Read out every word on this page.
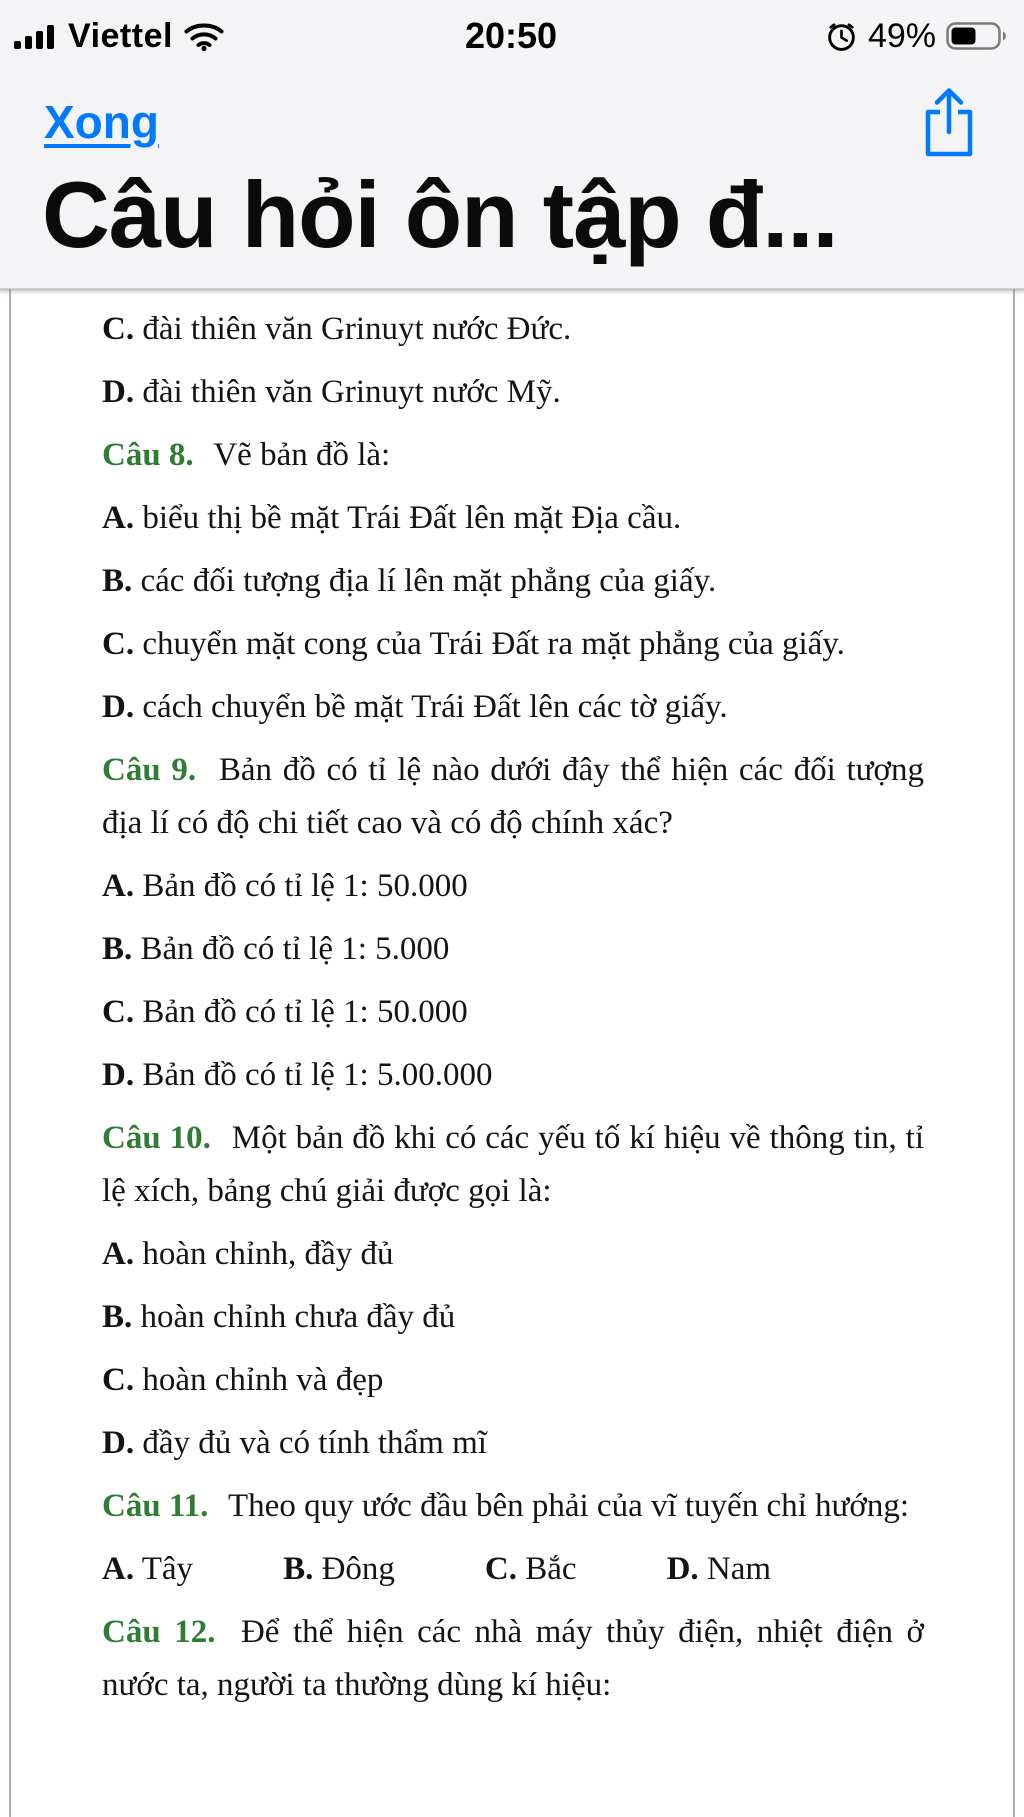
Viettel	20:50	49%
Xong
Câu hỏi ôn tập đ...

C. đài thiên văn Grinuyt nước Đức.

D. đài thiên văn Grinuyt nước Mỹ.

Câu 8. Vẽ bản đồ là:

A. biểu thị bề mặt Trái Đất lên mặt Địa cầu.

B. các đối tượng địa lí lên mặt phẳng của giấy.

C. chuyển mặt cong của Trái Đất ra mặt phẳng của giấy.

D. cách chuyển bề mặt Trái Đất lên các tờ giấy.

Câu 9. Bản đồ có tỉ lệ nào dưới đây thể hiện các đối tượng địa lí có độ chi tiết cao và có độ chính xác?

A. Bản đồ có tỉ lệ 1: 50.000

B. Bản đồ có tỉ lệ 1: 5.000

C. Bản đồ có tỉ lệ 1: 50.000

D. Bản đồ có tỉ lệ 1: 5.00.000

Câu 10. Một bản đồ khi có các yếu tố kí hiệu về thông tin, tỉ lệ xích, bảng chú giải được gọi là:

A. hoàn chỉnh, đầy đủ

B. hoàn chỉnh chưa đầy đủ

C. hoàn chỉnh và đẹp

D. đầy đủ và có tính thẩm mĩ

Câu 11. Theo quy ước đầu bên phải của vĩ tuyến chỉ hướng:

A. Tây	B. Đông	C. Bắc	D. Nam

Câu 12. Để thể hiện các nhà máy thủy điện, nhiệt điện ở nước ta, người ta thường dùng kí hiệu:
